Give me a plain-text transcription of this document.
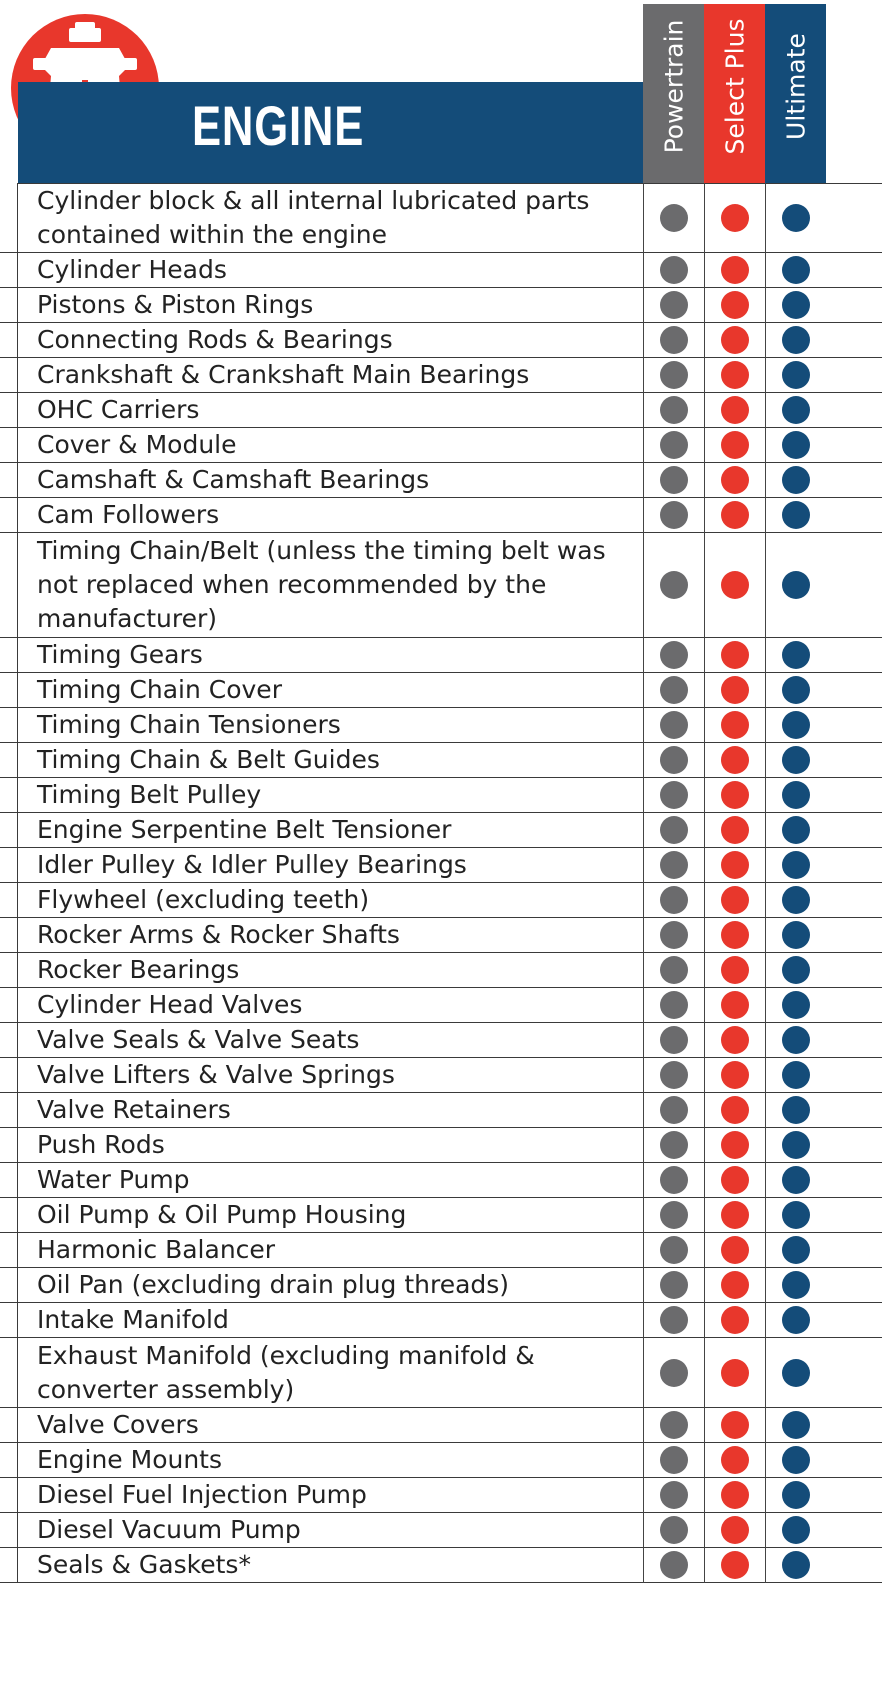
ENGINE	Powertrain Select Plus Ultimate
Cylinder block & all internal lubricated parts
contained within the engine
Cylinder Heads
Pistons & Piston Rings
Connecting Rods & Bearings
Crankshaft & Crankshaft Main Bearings
OHC Carriers
Cover & Module
Camshaft & Camshaft Bearings
Cam Followers
Timing Chain/Belt (unless the timing belt was
not replaced when recommended by the
manufacturer)
Timing Gears
Timing Chain Cover
Timing Chain Tensioners
Timing Chain & Belt Guides
Timing Belt Pulley
Engine Serpentine Belt Tensioner
Idler Pulley & Idler Pulley Bearings
Flywheel (excluding teeth)
Rocker Arms & Rocker Shafts
Rocker Bearings
Cylinder Head Valves
Valve Seals & Valve Seats
Valve Lifters & Valve Springs
Valve Retainers
Push Rods
Water Pump
Oil Pump & Oil Pump Housing
Harmonic Balancer
Oil Pan (excluding drain plug threads)
Intake Manifold
Exhaust Manifold (excluding manifold &
converter assembly)
Valve Covers
Engine Mounts
Diesel Fuel Injection Pump
Diesel Vacuum Pump
Seals & Gaskets*
